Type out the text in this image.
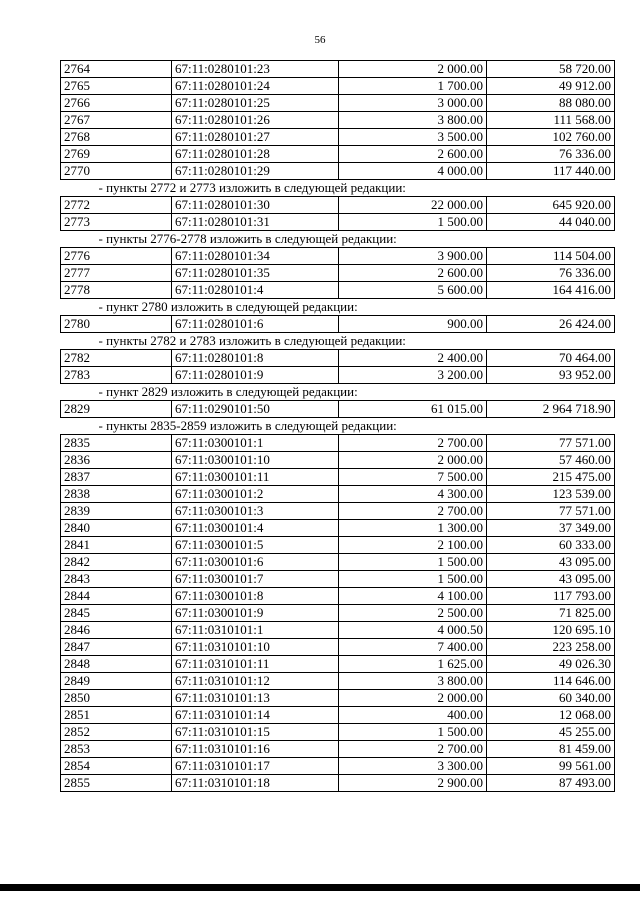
56
2764	67:11:0280101:23	2 000.00	58 720.00
2765	67:11:0280101:24	1 700.00	49 912.00
2766	67:11:0280101:25	3 000.00	88 080.00
2767	67:11:0280101:26	3 800.00	111 568.00
2768	67:11:0280101:27	3 500.00	102 760.00
2769	67:11:0280101:28	2 600.00	76 336.00
2770	67:11:0280101:29	4 000.00	117 440.00
- пункты 2772 и 2773 изложить в следующей редакции:			
2772	67:11:0280101:30	22 000.00	645 920.00
2773	67:11:0280101:31	1 500.00	44 040.00
- пункты 2776-2778 изложить в следующей редакции:			
2776	67:11:0280101:34	3 900.00	114 504.00
2777	67:11:0280101:35	2 600.00	76 336.00
2778	67:11:0280101:4	5 600.00	164 416.00
- пункт 2780 изложить в следующей редакции:			
2780	67:11:0280101:6	900.00	26 424.00
- пункты 2782 и 2783 изложить в следующей редакции:			
2782	67:11:0280101:8	2 400.00	70 464.00
2783	67:11:0280101:9	3 200.00	93 952.00
- пункт 2829 изложить в следующей редакции:			
2829	67:11:0290101:50	61 015.00	2 964 718.90
- пункты 2835-2859 изложить в следующей редакции:			
2835	67:11:0300101:1	2 700.00	77 571.00
2836	67:11:0300101:10	2 000.00	57 460.00
2837	67:11:0300101:11	7 500.00	215 475.00
2838	67:11:0300101:2	4 300.00	123 539.00
2839	67:11:0300101:3	2 700.00	77 571.00
2840	67:11:0300101:4	1 300.00	37 349.00
2841	67:11:0300101:5	2 100.00	60 333.00
2842	67:11:0300101:6	1 500.00	43 095.00
2843	67:11:0300101:7	1 500.00	43 095.00
2844	67:11:0300101:8	4 100.00	117 793.00
2845	67:11:0300101:9	2 500.00	71 825.00
2846	67:11:0310101:1	4 000.50	120 695.10
2847	67:11:0310101:10	7 400.00	223 258.00
2848	67:11:0310101:11	1 625.00	49 026.30
2849	67:11:0310101:12	3 800.00	114 646.00
2850	67:11:0310101:13	2 000.00	60 340.00
2851	67:11:0310101:14	400.00	12 068.00
2852	67:11:0310101:15	1 500.00	45 255.00
2853	67:11:0310101:16	2 700.00	81 459.00
2854	67:11:0310101:17	3 300.00	99 561.00
2855	67:11:0310101:18	2 900.00	87 493.00
